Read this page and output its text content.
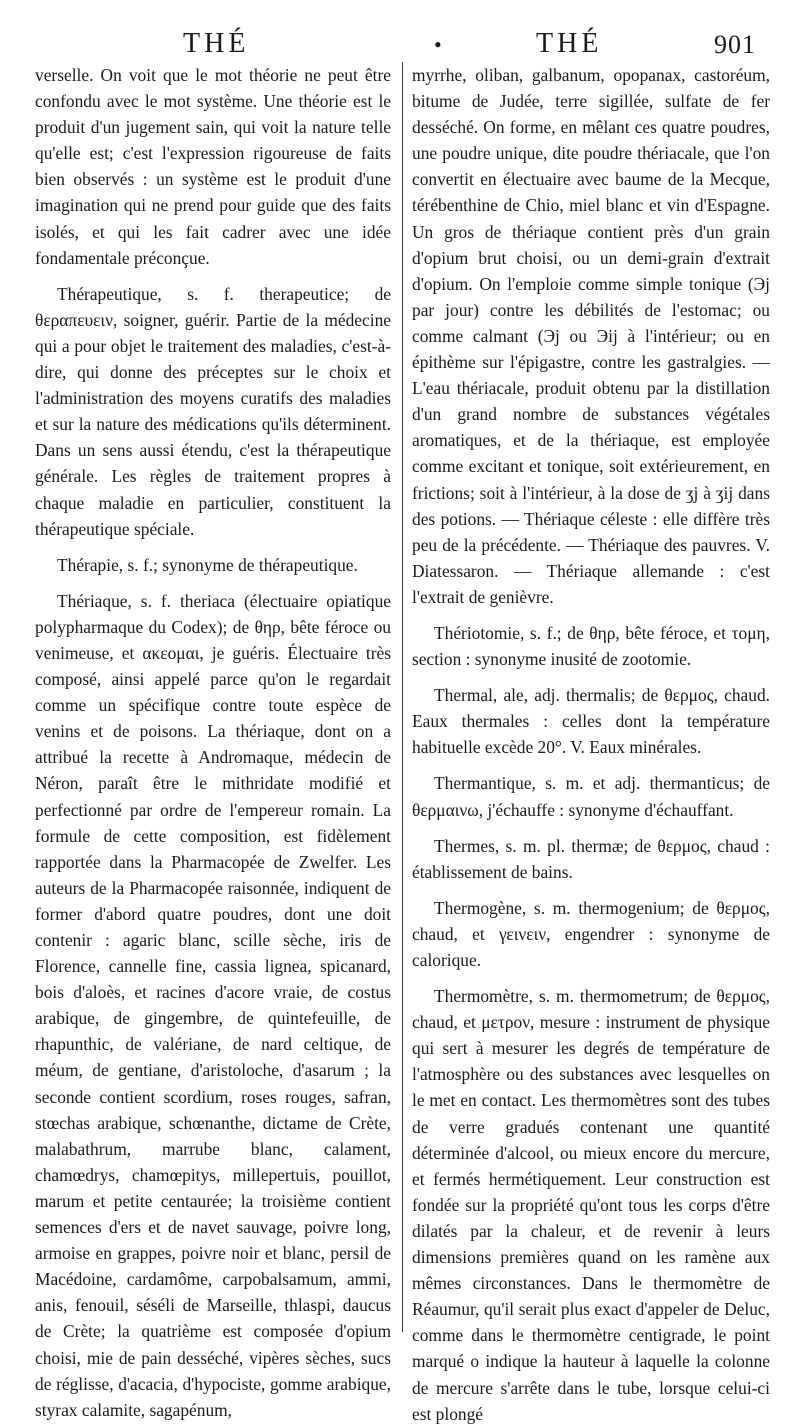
THÉ	•	THÉ	901

verselle. On voit que le mot théorie ne peut être confondu avec le mot système. Une théorie est le produit d'un jugement sain, qui voit la nature telle qu'elle est; c'est l'expression rigoureuse de faits bien observés : un système est le produit d'une imagination qui ne prend pour guide que des faits isolés, et qui les fait cadrer avec une idée fondamentale préconçue.

Thérapeutique, s. f. therapeutice; de θεραπευειν, soigner, guérir. Partie de la médecine qui a pour objet le traitement des maladies, c'est-à-dire, qui donne des préceptes sur le choix et l'administration des moyens curatifs des maladies et sur la nature des médications qu'ils déterminent. Dans un sens aussi étendu, c'est la thérapeutique générale. Les règles de traitement propres à chaque maladie en particulier, constituent la thérapeutique spéciale.

Thérapie, s. f.; synonyme de thérapeutique.

Thériaque, s. f. theriaca (électuaire opiatique polypharmaque du Codex); de θηρ, bête féroce ou venimeuse, et ακεομαι, je guéris. Électuaire très composé, ainsi appelé parce qu'on le regardait comme un spécifique contre toute espèce de venins et de poisons. La thériaque, dont on a attribué la recette à Andromaque, médecin de Néron, paraît être le mithridate modifié et perfectionné par ordre de l'empereur romain. La formule de cette composition, est fidèlement rapportée dans la Pharmacopée de Zwelfer. Les auteurs de la Pharmacopée raisonnée, indiquent de former d'abord quatre poudres, dont une doit contenir : agaric blanc, scille sèche, iris de Florence, cannelle fine, cassia lignea, spicanard, bois d'aloès, et racines d'acore vraie, de costus arabique, de gingembre, de quintefeuille, de rhapunthic, de valériane, de nard celtique, de méum, de gentiane, d'aristoloche, d'asarum ; la seconde contient scordium, roses rouges, safran, stœchas arabique, schœnanthe, dictame de Crète, malabathrum, marrube blanc, calament, chamœdrys, chamœpitys, millepertuis, pouillot, marum et petite centaurée; la troisième contient semences d'ers et de navet sauvage, poivre long, armoise en grappes, poivre noir et blanc, persil de Macédoine, cardamôme, carpobalsamum, ammi, anis, fenouil, séséli de Marseille, thlaspi, daucus de Crète; la quatrième est composée d'opium choisi, mie de pain desséché, vipères sèches, sucs de réglisse, d'acacia, d'hypociste, gomme arabique, styrax calamite, sagapénum,

myrrhe, oliban, galbanum, opopanax, castoréum, bitume de Judée, terre sigillée, sulfate de fer desséché. On forme, en mêlant ces quatre poudres, une poudre unique, dite poudre thériacale, que l'on convertit en électuaire avec baume de la Mecque, térébenthine de Chio, miel blanc et vin d'Espagne. Un gros de thériaque contient près d'un grain d'opium brut choisi, ou un demi-grain d'extrait d'opium. On l'emploie comme simple tonique (Эj par jour) contre les débilités de l'estomac; ou comme calmant (Эj ou Эij à l'intérieur; ou en épithème sur l'épigastre, contre les gastralgies. — L'eau thériacale, produit obtenu par la distillation d'un grand nombre de substances végétales aromatiques, et de la thériaque, est employée comme excitant et tonique, soit extérieurement, en frictions; soit à l'intérieur, à la dose de ʒj à ʒij dans des potions. — Thériaque céleste : elle diffère très peu de la précédente. — Thériaque des pauvres. V. Diatessaron. — Thériaque allemande : c'est l'extrait de genièvre.

Thériotomie, s. f.; de θηρ, bête féroce, et τομη, section : synonyme inusité de zootomie.

Thermal, ale, adj. thermalis; de θερμος, chaud. Eaux thermales : celles dont la température habituelle excède 20°. V. Eaux minérales.

Thermantique, s. m. et adj. thermanticus; de θερμαινω, j'échauffe : synonyme d'échauffant.

Thermes, s. m. pl. thermæ; de θερμος, chaud : établissement de bains.

Thermogène, s. m. thermogenium; de θερμος, chaud, et γεινειν, engendrer : synonyme de calorique.

Thermomètre, s. m. thermometrum; de θερμος, chaud, et μετρον, mesure : instrument de physique qui sert à mesurer les degrés de température de l'atmosphère ou des substances avec lesquelles on le met en contact. Les thermomètres sont des tubes de verre gradués contenant une quantité déterminée d'alcool, ou mieux encore du mercure, et fermés hermétiquement. Leur construction est fondée sur la propriété qu'ont tous les corps d'être dilatés par la chaleur, et de revenir à leurs dimensions premières quand on les ramène aux mêmes circonstances. Dans le thermomètre de Réaumur, qu'il serait plus exact d'appeler de Deluc, comme dans le thermomètre centigrade, le point marqué o indique la hauteur à laquelle la colonne de mercure s'arrête dans le tube, lorsque celui-ci est plongé
